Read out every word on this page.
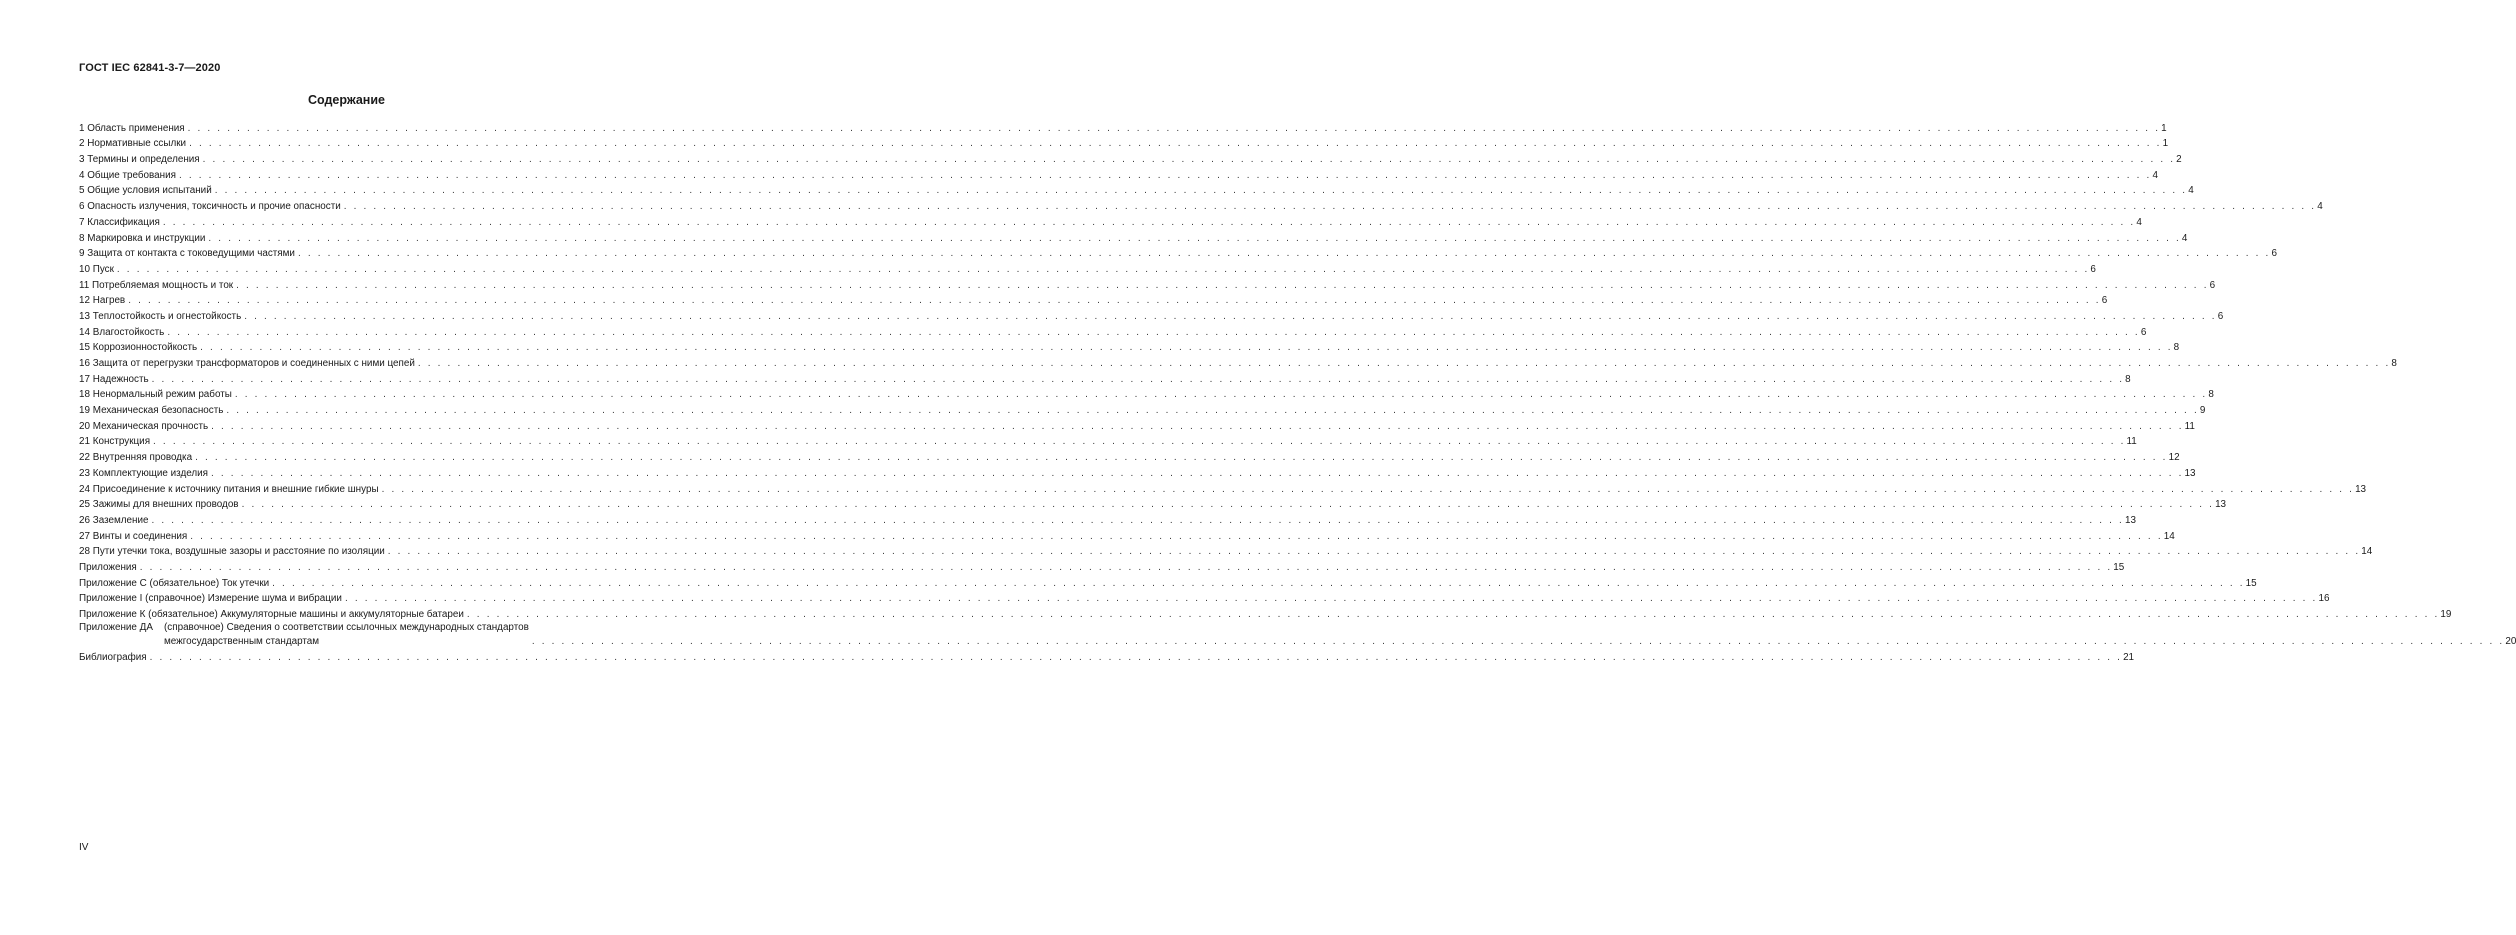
ГОСТ IEC 62841-3-7—2020
Содержание
1 Область применения . . . . . . . . . . . . . . . . . . . . . . . . . . . . . . . . . . . . . . . . . . . . . . . . . . . . . . . . . . . . . . . . . . . . . . . . . . . . . . . . . . . . . . . . . . . . . . . . . . . . . . . . . . . . . . . . . . . . . . . . . . . . . . . . . . . . . . . . . . . . . . . . . . . . . . . . . . . . . . . . . . . . . . . . . . . . . . . . . . . . . . . . . . . . . . . . . . . . . . . . 1
2 Нормативные ссылки . . . . . . . . . . . . . . . . . . . . . . . . . . . . . . . . . . . . . . . . . . . . . . . . . . . . . . . . . . . . . . . . . . . . . . . . . . . . . . . . . . . . . . . . . . . . . . . . . . . . . . . . . . . . . . . . . . . . . . . . . . . . . . . . . . . . . . . . . . . . . . . . . . . . . . . . . . . . . . . . . . . . . . . . . . . . . . . . . . . . . . . . . . . . . . . . . . . . . . . . 1
3 Термины и определения . . . . . . . . . . . . . . . . . . . . . . . . . . . . . . . . . . . . . . . . . . . . . . . . . . . . . . . . . . . . . . . . . . . . . . . . . . . . . . . . . . . . . . . . . . . . . . . . . . . . . . . . . . . . . . . . . . . . . . . . . . . . . . . . . . . . . . . . . . . . . . . . . . . . . . . . . . . . . . . . . . . . . . . . . . . . . . . . . . . . . . . . . . . . . . . . . . . . . . . . 2
4 Общие требования . . . . . . . . . . . . . . . . . . . . . . . . . . . . . . . . . . . . . . . . . . . . . . . . . . . . . . . . . . . . . . . . . . . . . . . . . . . . . . . . . . . . . . . . . . . . . . . . . . . . . . . . . . . . . . . . . . . . . . . . . . . . . . . . . . . . . . . . . . . . . . . . . . . . . . . . . . . . . . . . . . . . . . . . . . . . . . . . . . . . . . . . . . . . . . . . . . . . . . . . 4
5 Общие условия испытаний . . . . . . . . . . . . . . . . . . . . . . . . . . . . . . . . . . . . . . . . . . . . . . . . . . . . . . . . . . . . . . . . . . . . . . . . . . . . . . . . . . . . . . . . . . . . . . . . . . . . . . . . . . . . . . . . . . . . . . . . . . . . . . . . . . . . . . . . . . . . . . . . . . . . . . . . . . . . . . . . . . . . . . . . . . . . . . . . . . . . . . . . . . . . . . . . . . . . . . . . 4
6 Опасность излучения, токсичность и прочие опасности . . . . . . . . . . . . . . . . . . . . . . . . . . . . . . . . . . . . . . . . . . . . . . . . . . . . . . . . . . . . . . . . . . . . . . . . . . . . . . . . . . . . . . . . . . . . . . . . . . . . . . . . . . . . . . . . . . . . . . . . . . . . . . . . . . . . . . . . . . . . . . . . . . . . . . . . . . . . . . . . . . . . . . . . . . . . . . . . . . . . . . . . . . . . . . . . . . . . . . . . 4
7 Классификация . . . . . . . . . . . . . . . . . . . . . . . . . . . . . . . . . . . . . . . . . . . . . . . . . . . . . . . . . . . . . . . . . . . . . . . . . . . . . . . . . . . . . . . . . . . . . . . . . . . . . . . . . . . . . . . . . . . . . . . . . . . . . . . . . . . . . . . . . . . . . . . . . . . . . . . . . . . . . . . . . . . . . . . . . . . . . . . . . . . . . . . . . . . . . . . . . . . . . . . . 4
8 Маркировка и инструкции . . . . . . . . . . . . . . . . . . . . . . . . . . . . . . . . . . . . . . . . . . . . . . . . . . . . . . . . . . . . . . . . . . . . . . . . . . . . . . . . . . . . . . . . . . . . . . . . . . . . . . . . . . . . . . . . . . . . . . . . . . . . . . . . . . . . . . . . . . . . . . . . . . . . . . . . . . . . . . . . . . . . . . . . . . . . . . . . . . . . . . . . . . . . . . . . . . . . . . . . 4
9 Защита от контакта с токоведущими частями . . . . . . . . . . . . . . . . . . . . . . . . . . . . . . . . . . . . . . . . . . . . . . . . . . . . . . . . . . . . . . . . . . . . . . . . . . . . . . . . . . . . . . . . . . . . . . . . . . . . . . . . . . . . . . . . . . . . . . . . . . . . . . . . . . . . . . . . . . . . . . . . . . . . . . . . . . . . . . . . . . . . . . . . . . . . . . . . . . . . . . . . . . . . . . . . . . . . . . . . 6
10 Пуск . . . . . . . . . . . . . . . . . . . . . . . . . . . . . . . . . . . . . . . . . . . . . . . . . . . . . . . . . . . . . . . . . . . . . . . . . . . . . . . . . . . . . . . . . . . . . . . . . . . . . . . . . . . . . . . . . . . . . . . . . . . . . . . . . . . . . . . . . . . . . . . . . . . . . . . . . . . . . . . . . . . . . . . . . . . . . . . . . . . . . . . . . . . . . . . . . . . . . . . . 6
11 Потребляемая мощность и ток . . . . . . . . . . . . . . . . . . . . . . . . . . . . . . . . . . . . . . . . . . . . . . . . . . . . . . . . . . . . . . . . . . . . . . . . . . . . . . . . . . . . . . . . . . . . . . . . . . . . . . . . . . . . . . . . . . . . . . . . . . . . . . . . . . . . . . . . . . . . . . . . . . . . . . . . . . . . . . . . . . . . . . . . . . . . . . . . . . . . . . . . . . . . . . . . . . . . . . . . 6
12 Нагрев . . . . . . . . . . . . . . . . . . . . . . . . . . . . . . . . . . . . . . . . . . . . . . . . . . . . . . . . . . . . . . . . . . . . . . . . . . . . . . . . . . . . . . . . . . . . . . . . . . . . . . . . . . . . . . . . . . . . . . . . . . . . . . . . . . . . . . . . . . . . . . . . . . . . . . . . . . . . . . . . . . . . . . . . . . . . . . . . . . . . . . . . . . . . . . . . . . . . . . . . 6
13 Теплостойкость и огнестойкость . . . . . . . . . . . . . . . . . . . . . . . . . . . . . . . . . . . . . . . . . . . . . . . . . . . . . . . . . . . . . . . . . . . . . . . . . . . . . . . . . . . . . . . . . . . . . . . . . . . . . . . . . . . . . . . . . . . . . . . . . . . . . . . . . . . . . . . . . . . . . . . . . . . . . . . . . . . . . . . . . . . . . . . . . . . . . . . . . . . . . . . . . . . . . . . . . . . . . . . . 6
14 Влагостойкость . . . . . . . . . . . . . . . . . . . . . . . . . . . . . . . . . . . . . . . . . . . . . . . . . . . . . . . . . . . . . . . . . . . . . . . . . . . . . . . . . . . . . . . . . . . . . . . . . . . . . . . . . . . . . . . . . . . . . . . . . . . . . . . . . . . . . . . . . . . . . . . . . . . . . . . . . . . . . . . . . . . . . . . . . . . . . . . . . . . . . . . . . . . . . . . . . . . . . . . . 6
15 Коррозионностойкость . . . . . . . . . . . . . . . . . . . . . . . . . . . . . . . . . . . . . . . . . . . . . . . . . . . . . . . . . . . . . . . . . . . . . . . . . . . . . . . . . . . . . . . . . . . . . . . . . . . . . . . . . . . . . . . . . . . . . . . . . . . . . . . . . . . . . . . . . . . . . . . . . . . . . . . . . . . . . . . . . . . . . . . . . . . . . . . . . . . . . . . . . . . . . . . . . . . . . . . . 8
16 Защита от перегрузки трансформаторов и соединенных с ними цепей . . . . . . . . . . . . . . . . . . . . . . . . . . . . . . . . . . . . . . . . . . . . . . . . . . . . . . . . . . . . . . . . . . . . . . . . . . . . . . . . . . . . . . . . . . . . . . . . . . . . . . . . . . . . . . . . . . . . . . . . . . . . . . . . . . . . . . . . . . . . . . . . . . . . . . . . . . . . . . . . . . . . . . . . . . . . . . . . . . . . . . . . . . . . . . . . . . . . . . . . 8
17 Надежность . . . . . . . . . . . . . . . . . . . . . . . . . . . . . . . . . . . . . . . . . . . . . . . . . . . . . . . . . . . . . . . . . . . . . . . . . . . . . . . . . . . . . . . . . . . . . . . . . . . . . . . . . . . . . . . . . . . . . . . . . . . . . . . . . . . . . . . . . . . . . . . . . . . . . . . . . . . . . . . . . . . . . . . . . . . . . . . . . . . . . . . . . . . . . . . . . . . . . . . . 8
18 Ненормальный режим работы . . . . . . . . . . . . . . . . . . . . . . . . . . . . . . . . . . . . . . . . . . . . . . . . . . . . . . . . . . . . . . . . . . . . . . . . . . . . . . . . . . . . . . . . . . . . . . . . . . . . . . . . . . . . . . . . . . . . . . . . . . . . . . . . . . . . . . . . . . . . . . . . . . . . . . . . . . . . . . . . . . . . . . . . . . . . . . . . . . . . . . . . . . . . . . . . . . . . . . . . 8
19 Механическая безопасность . . . . . . . . . . . . . . . . . . . . . . . . . . . . . . . . . . . . . . . . . . . . . . . . . . . . . . . . . . . . . . . . . . . . . . . . . . . . . . . . . . . . . . . . . . . . . . . . . . . . . . . . . . . . . . . . . . . . . . . . . . . . . . . . . . . . . . . . . . . . . . . . . . . . . . . . . . . . . . . . . . . . . . . . . . . . . . . . . . . . . . . . . . . . . . . . . . . . . . . . 9
20 Механическая прочность . . . . . . . . . . . . . . . . . . . . . . . . . . . . . . . . . . . . . . . . . . . . . . . . . . . . . . . . . . . . . . . . . . . . . . . . . . . . . . . . . . . . . . . . . . . . . . . . . . . . . . . . . . . . . . . . . . . . . . . . . . . . . . . . . . . . . . . . . . . . . . . . . . . . . . . . . . . . . . . . . . . . . . . . . . . . . . . . . . . . . . . . . . . . . . . . . . . . . . . . 11
21 Конструкция . . . . . . . . . . . . . . . . . . . . . . . . . . . . . . . . . . . . . . . . . . . . . . . . . . . . . . . . . . . . . . . . . . . . . . . . . . . . . . . . . . . . . . . . . . . . . . . . . . . . . . . . . . . . . . . . . . . . . . . . . . . . . . . . . . . . . . . . . . . . . . . . . . . . . . . . . . . . . . . . . . . . . . . . . . . . . . . . . . . . . . . . . . . . . . . . . . . . . . . . 11
22 Внутренняя проводка . . . . . . . . . . . . . . . . . . . . . . . . . . . . . . . . . . . . . . . . . . . . . . . . . . . . . . . . . . . . . . . . . . . . . . . . . . . . . . . . . . . . . . . . . . . . . . . . . . . . . . . . . . . . . . . . . . . . . . . . . . . . . . . . . . . . . . . . . . . . . . . . . . . . . . . . . . . . . . . . . . . . . . . . . . . . . . . . . . . . . . . . . . . . . . . . . . . . . . . . 12
23 Комплектующие изделия . . . . . . . . . . . . . . . . . . . . . . . . . . . . . . . . . . . . . . . . . . . . . . . . . . . . . . . . . . . . . . . . . . . . . . . . . . . . . . . . . . . . . . . . . . . . . . . . . . . . . . . . . . . . . . . . . . . . . . . . . . . . . . . . . . . . . . . . . . . . . . . . . . . . . . . . . . . . . . . . . . . . . . . . . . . . . . . . . . . . . . . . . . . . . . . . . . . . . . . . 13
24 Присоединение к источнику питания и внешние гибкие шнуры . . . . . . . . . . . . . . . . . . . . . . . . . . . . . . . . . . . . . . . . . . . . . . . . . . . . . . . . . . . . . . . . . . . . . . . . . . . . . . . . . . . . . . . . . . . . . . . . . . . . . . . . . . . . . . . . . . . . . . . . . . . . . . . . . . . . . . . . . . . . . . . . . . . . . . . . . . . . . . . . . . . . . . . . . . . . . . . . . . . . . . . . . . . . . . . . . . . . . . . . 13
25 Зажимы для внешних проводов . . . . . . . . . . . . . . . . . . . . . . . . . . . . . . . . . . . . . . . . . . . . . . . . . . . . . . . . . . . . . . . . . . . . . . . . . . . . . . . . . . . . . . . . . . . . . . . . . . . . . . . . . . . . . . . . . . . . . . . . . . . . . . . . . . . . . . . . . . . . . . . . . . . . . . . . . . . . . . . . . . . . . . . . . . . . . . . . . . . . . . . . . . . . . . . . . . . . . . . . 13
26 Заземление . . . . . . . . . . . . . . . . . . . . . . . . . . . . . . . . . . . . . . . . . . . . . . . . . . . . . . . . . . . . . . . . . . . . . . . . . . . . . . . . . . . . . . . . . . . . . . . . . . . . . . . . . . . . . . . . . . . . . . . . . . . . . . . . . . . . . . . . . . . . . . . . . . . . . . . . . . . . . . . . . . . . . . . . . . . . . . . . . . . . . . . . . . . . . . . . . . . . . . . . 13
27 Винты и соединения . . . . . . . . . . . . . . . . . . . . . . . . . . . . . . . . . . . . . . . . . . . . . . . . . . . . . . . . . . . . . . . . . . . . . . . . . . . . . . . . . . . . . . . . . . . . . . . . . . . . . . . . . . . . . . . . . . . . . . . . . . . . . . . . . . . . . . . . . . . . . . . . . . . . . . . . . . . . . . . . . . . . . . . . . . . . . . . . . . . . . . . . . . . . . . . . . . . . . . . . 14
28 Пути утечки тока, воздушные зазоры и расстояние по изоляции . . . . . . . . . . . . . . . . . . . . . . . . . . . . . . . . . . . . . . . . . . . . . . . . . . . . . . . . . . . . . . . . . . . . . . . . . . . . . . . . . . . . . . . . . . . . . . . . . . . . . . . . . . . . . . . . . . . . . . . . . . . . . . . . . . . . . . . . . . . . . . . . . . . . . . . . . . . . . . . . . . . . . . . . . . . . . . . . . . . . . . . . . . . . . . . . . . . . . . . . 14
Приложения . . . . . . . . . . . . . . . . . . . . . . . . . . . . . . . . . . . . . . . . . . . . . . . . . . . . . . . . . . . . . . . . . . . . . . . . . . . . . . . . . . . . . . . . . . . . . . . . . . . . . . . . . . . . . . . . . . . . . . . . . . . . . . . . . . . . . . . . . . . . . . . . . . . . . . . . . . . . . . . . . . . . . . . . . . . . . . . . . . . . . . . . . . . . . . . . . . . . . . . . 15
Приложение С (обязательное) Ток утечки . . . . . . . . . . . . . . . . . . . . . . . . . . . . . . . . . . . . . . . . . . . . . . . . . . . . . . . . . . . . . . . . . . . . . . . . . . . . . . . . . . . . . . . . . . . . . . . . . . . . . . . . . . . . . . . . . . . . . . . . . . . . . . . . . . . . . . . . . . . . . . . . . . . . . . . . . . . . . . . . . . . . . . . . . . . . . . . . . . . . . . . . . . . . . . . . . . . . . . . . 15
Приложение I (справочное) Измерение шума и вибрации . . . . . . . . . . . . . . . . . . . . . . . . . . . . . . . . . . . . . . . . . . . . . . . . . . . . . . . . . . . . . . . . . . . . . . . . . . . . . . . . . . . . . . . . . . . . . . . . . . . . . . . . . . . . . . . . . . . . . . . . . . . . . . . . . . . . . . . . . . . . . . . . . . . . . . . . . . . . . . . . . . . . . . . . . . . . . . . . . . . . . . . . . . . . . . . . . . . . . . . . 16
Приложение К (обязательное) Аккумуляторные машины и аккумуляторные батареи . . . . . . . . . . . . . . . . . . . . . . . . . . . . . . . . . . . . . . . . . . . . . . . . . . . . . . . . . . . . . . . . . . . . . . . . . . . . . . . . . . . . . . . . . . . . . . . . . . . . . . . . . . . . . . . . . . . . . . . . . . . . . . . . . . . . . . . . . . . . . . . . . . . . . . . . . . . . . . . . . . . . . . . . . . . . . . . . . . . . . . . . . . . . . . . . . . . . . . . . 19
Приложение ДА (справочное) Сведения о соответствии ссылочных международных стандартов
межгосударственным стандартам	. . . . . . . . . . . . . . . . . . . . . . . . . . . . . . . . . . . . . . . . . . . . . . . . . . . . . . . . . . . . . . . . . . . . . . . . . . . . . . . . . . . . . . . . . . . . . . . . . . . . . . . . . . . . . . . . . . . . . . . . . . . . . . . . . . . . . . . . . . . . . . . . . . . . . . . . . . . . . . . . . . . . . . . . . . . . . . . . . . . . . . . . . . . . . . . . . . . . . . . . 20
Библиография . . . . . . . . . . . . . . . . . . . . . . . . . . . . . . . . . . . . . . . . . . . . . . . . . . . . . . . . . . . . . . . . . . . . . . . . . . . . . . . . . . . . . . . . . . . . . . . . . . . . . . . . . . . . . . . . . . . . . . . . . . . . . . . . . . . . . . . . . . . . . . . . . . . . . . . . . . . . . . . . . . . . . . . . . . . . . . . . . . . . . . . . . . . . . . . . . . . . . . . . 21
IV
